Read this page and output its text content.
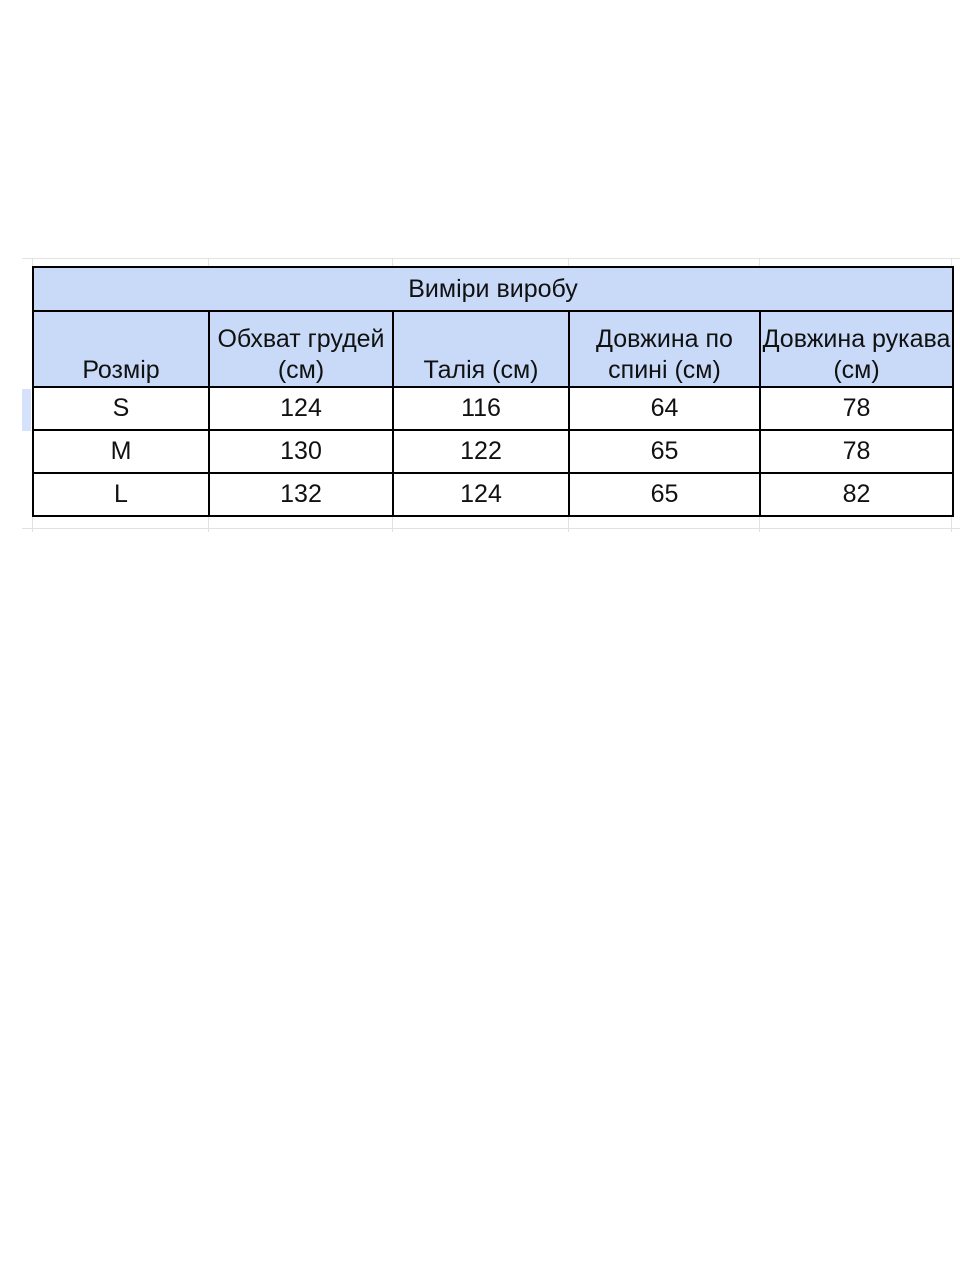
Виміри виробу				
Розмір	Обхват грудей (см)	Талія (см)	Довжина по спині (см)	Довжина рукава (см)
S	124	116	64	78
M	130	122	65	78
L	132	124	65	82
